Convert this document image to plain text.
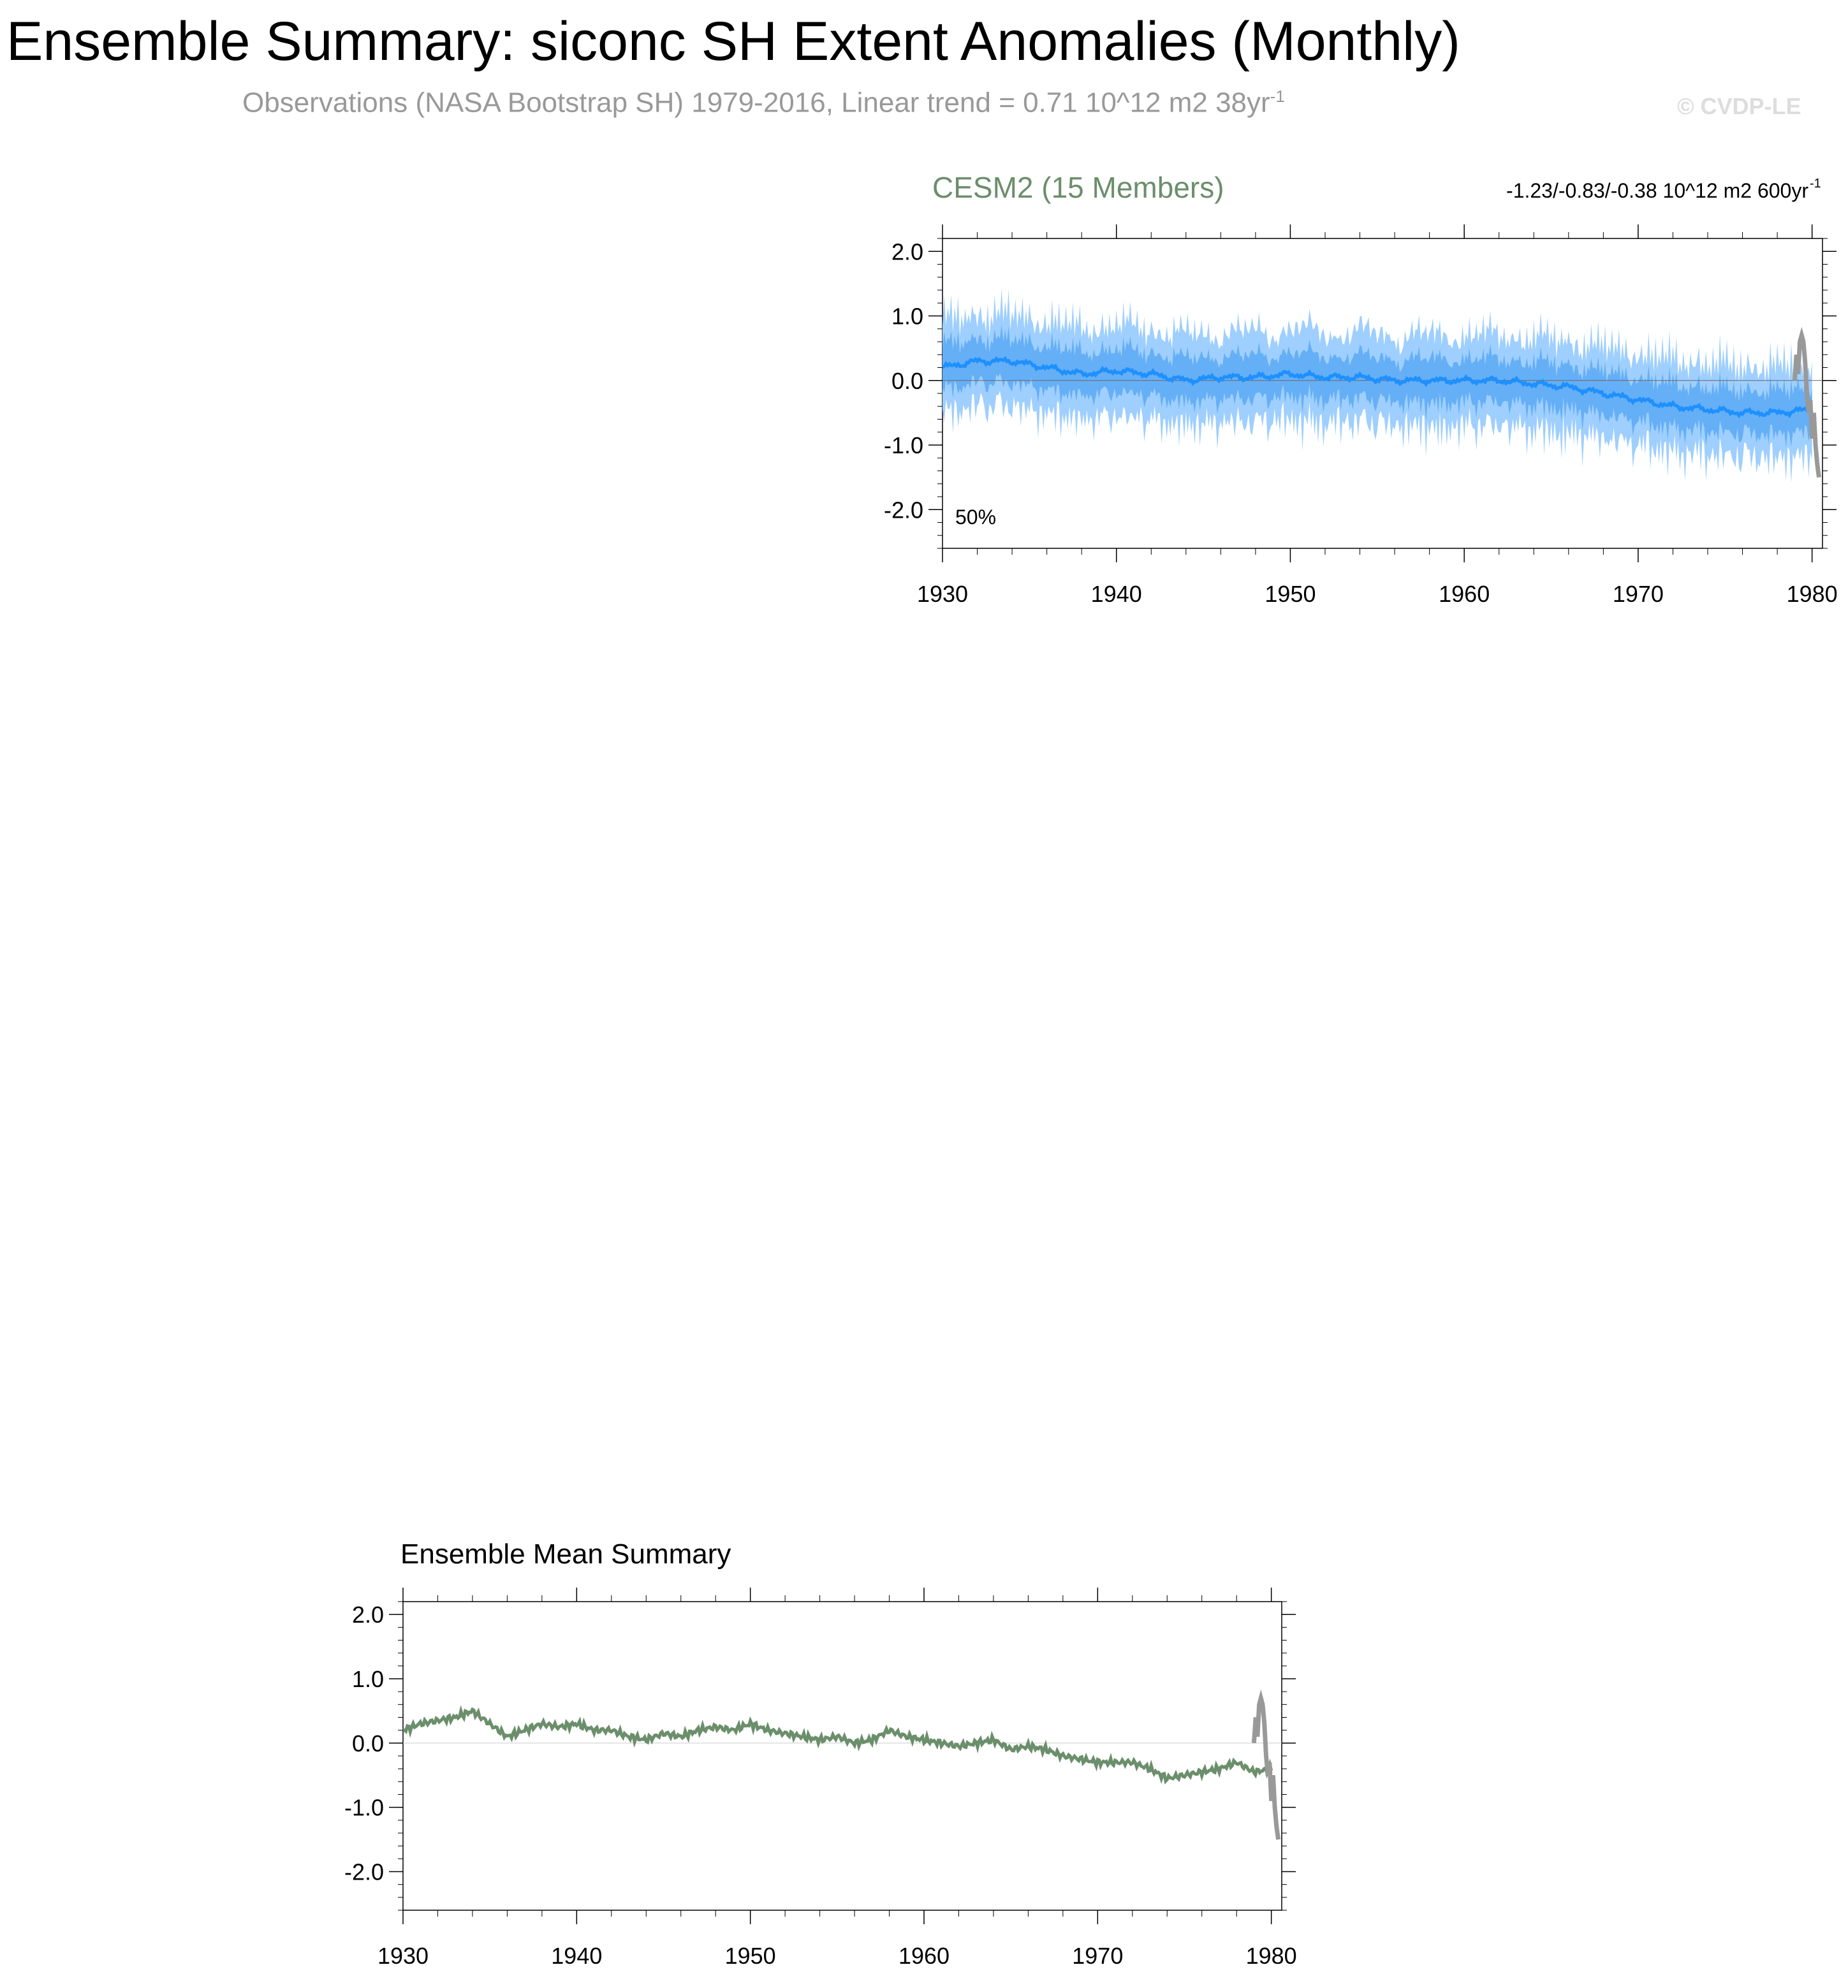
Ensemble Summary: siconc SH Extent Anomalies (Monthly)
Observations (NASA Bootstrap SH) 1979-2016, Linear trend = 0.71 10^12 m2 $38yr^{-1}$	© CVDP-LE
1930	1940	1950	1960	1970	1980
2.0
1.0
0.0
-1.0
-2.0
CESM2 (15 Members)	-1.23/-0.83/-0.38 10^12 m2 600yr -1
50%
1930	1940	1950	1960	1970	1980
2.0
1.0
0.0
-1.0
-2.0
Ensemble Mean Summary
